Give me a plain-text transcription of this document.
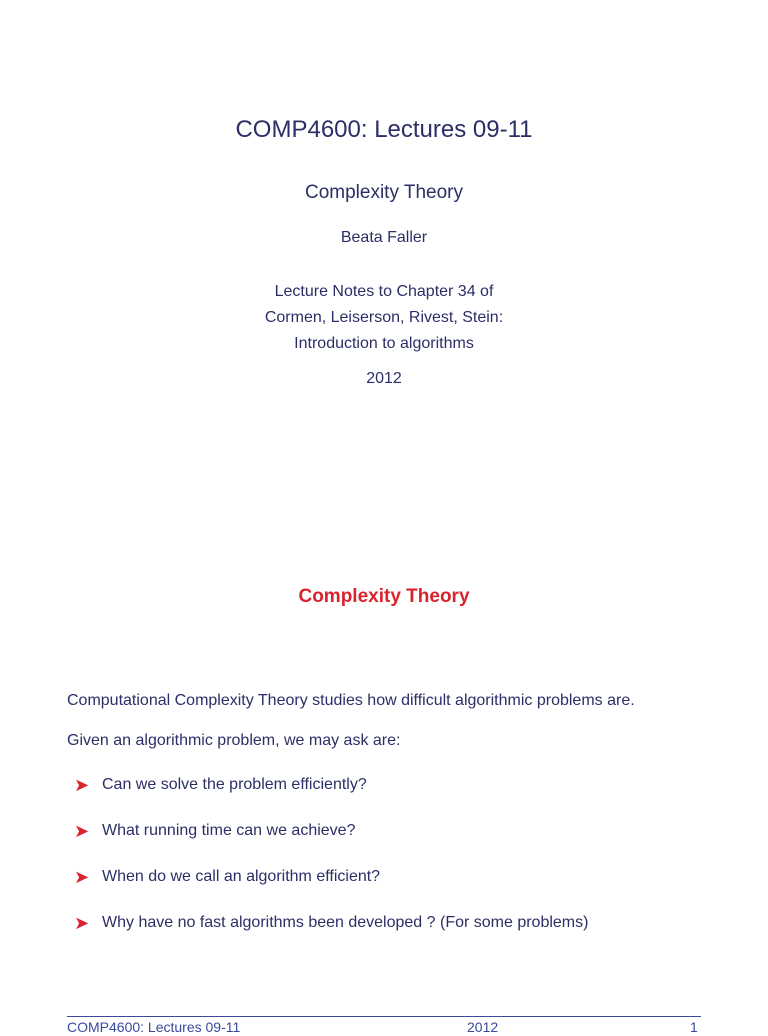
COMP4600: Lectures 09-11
Complexity Theory
Beata Faller
Lecture Notes to Chapter 34 of
Cormen, Leiserson, Rivest, Stein:
Introduction to algorithms
2012
Complexity Theory
Computational Complexity Theory studies how difficult algorithmic problems are.
Given an algorithmic problem, we may ask are:
➤ Can we solve the problem efficiently?
➤ What running time can we achieve?
➤ When do we call an algorithm efficient?
➤ Why have no fast algorithms been developed ? (For some problems)
COMP4600: Lectures 09-11	2012	1
